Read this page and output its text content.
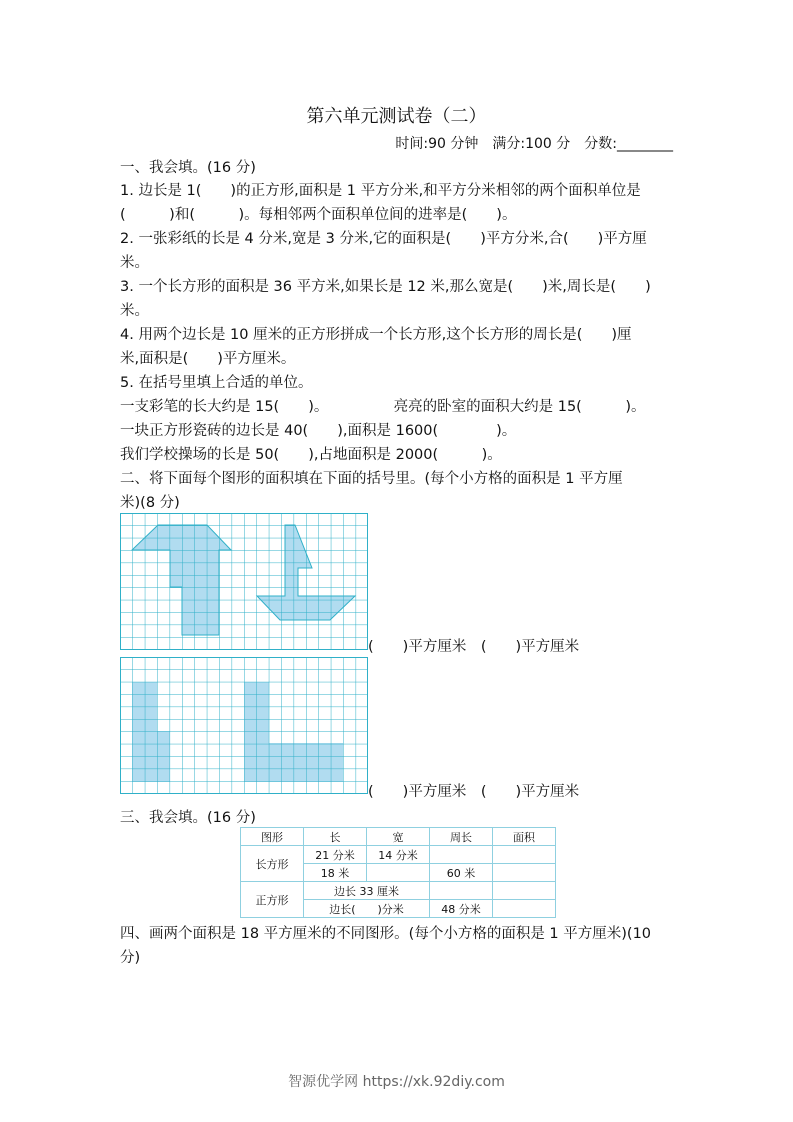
第六单元测试卷（二）
时间:90 分钟　满分:100 分　分数:________
一、我会填。(16 分)
1. 边长是 1(　　)的正方形,面积是 1 平方分米,和平方分米相邻的两个面积单位是
(　　　)和(　　　)。每相邻两个面积单位间的进率是(　　)。
2. 一张彩纸的长是 4 分米,宽是 3 分米,它的面积是(　　)平方分米,合(　　)平方厘
米。
3. 一个长方形的面积是 36 平方米,如果长是 12 米,那么宽是(　　)米,周长是(　　)
米。
4. 用两个边长是 10 厘米的正方形拼成一个长方形,这个长方形的周长是(　　)厘
米,面积是(　　)平方厘米。
5. 在括号里填上合适的单位。
一支彩笔的长大约是 15(　　)。　　　　　亮亮的卧室的面积大约是 15(　　　)。
一块正方形瓷砖的边长是 40(　　),面积是 1600(　　　　)。
我们学校操场的长是 50(　　),占地面积是 2000(　　　)。
二、将下面每个图形的面积填在下面的括号里。(每个小方格的面积是 1 平方厘
米)(8 分)
(　　)平方厘米　(　　)平方厘米
(　　)平方厘米　(　　)平方厘米
三、我会填。(16 分)
图形	长	宽	周长	面积
长方形	21 分米	14 分米		
	18 米		60 米	
正方形	边长 33 厘米			
	边长(　　)分米		48 分米	
四、画两个面积是 18 平方厘米的不同图形。(每个小方格的面积是 1 平方厘米)(10
分)
智源优学网 https://xk.92diy.com
